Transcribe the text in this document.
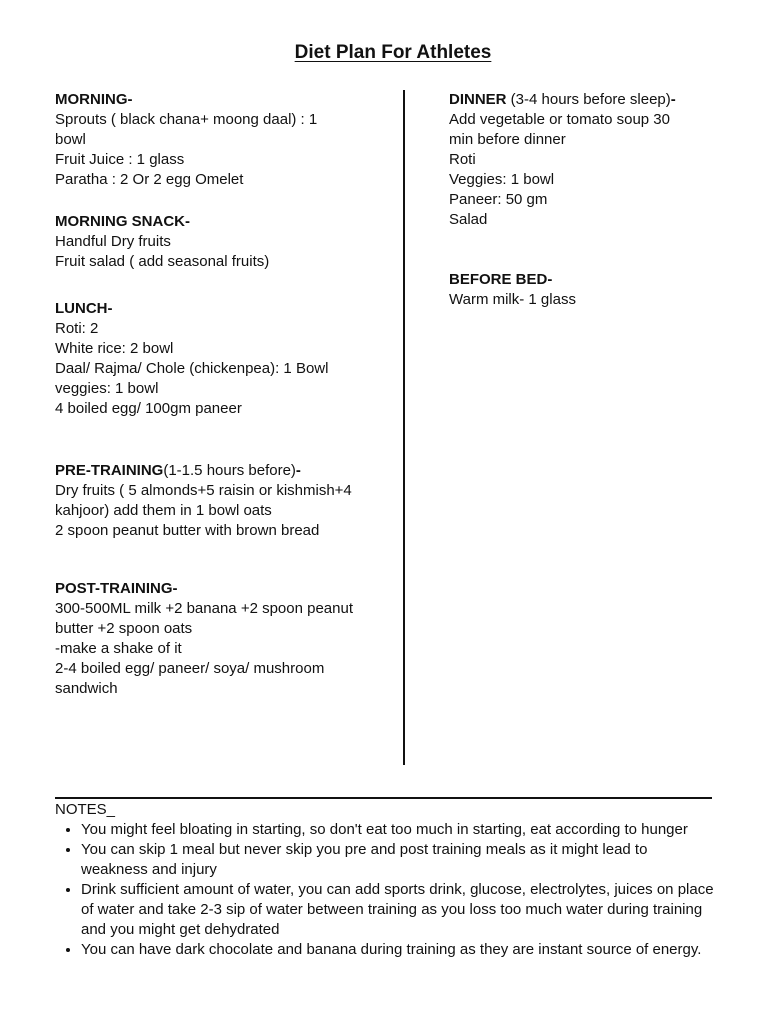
Diet Plan For Athletes
MORNING-
Sprouts ( black chana+ moong daal) : 1
bowl
Fruit Juice : 1 glass
Paratha : 2 Or 2 egg Omelet
MORNING SNACK-
Handful Dry fruits
Fruit salad ( add seasonal fruits)
LUNCH-
Roti: 2
White rice: 2 bowl
Daal/ Rajma/ Chole (chickenpea): 1 Bowl
veggies: 1 bowl
4 boiled egg/ 100gm paneer
PRE-TRAINING(1-1.5 hours before)-
Dry fruits ( 5 almonds+5 raisin or kishmish+4
kahjoor) add them in 1 bowl oats
2 spoon peanut butter with brown bread
POST-TRAINING-
300-500ML milk +2 banana +2 spoon peanut
butter +2 spoon oats
-make a shake of it
2-4 boiled egg/ paneer/ soya/ mushroom
sandwich
DINNER (3-4 hours before sleep)-
Add vegetable or tomato soup 30
min before dinner
Roti
Veggies: 1 bowl
Paneer: 50 gm
Salad
BEFORE BED-
Warm milk- 1 glass
NOTES_
• You might feel bloating in starting, so don't eat too much in starting, eat according to hunger
• You can skip 1 meal but never skip you pre and post training meals as it might lead to weakness and injury
• Drink sufficient amount of water, you can add sports drink, glucose, electrolytes, juices on place of water and take 2-3 sip of water between training as you loss too much water during training and you might get dehydrated
• You can have dark chocolate and banana during training as they are instant source of energy.
